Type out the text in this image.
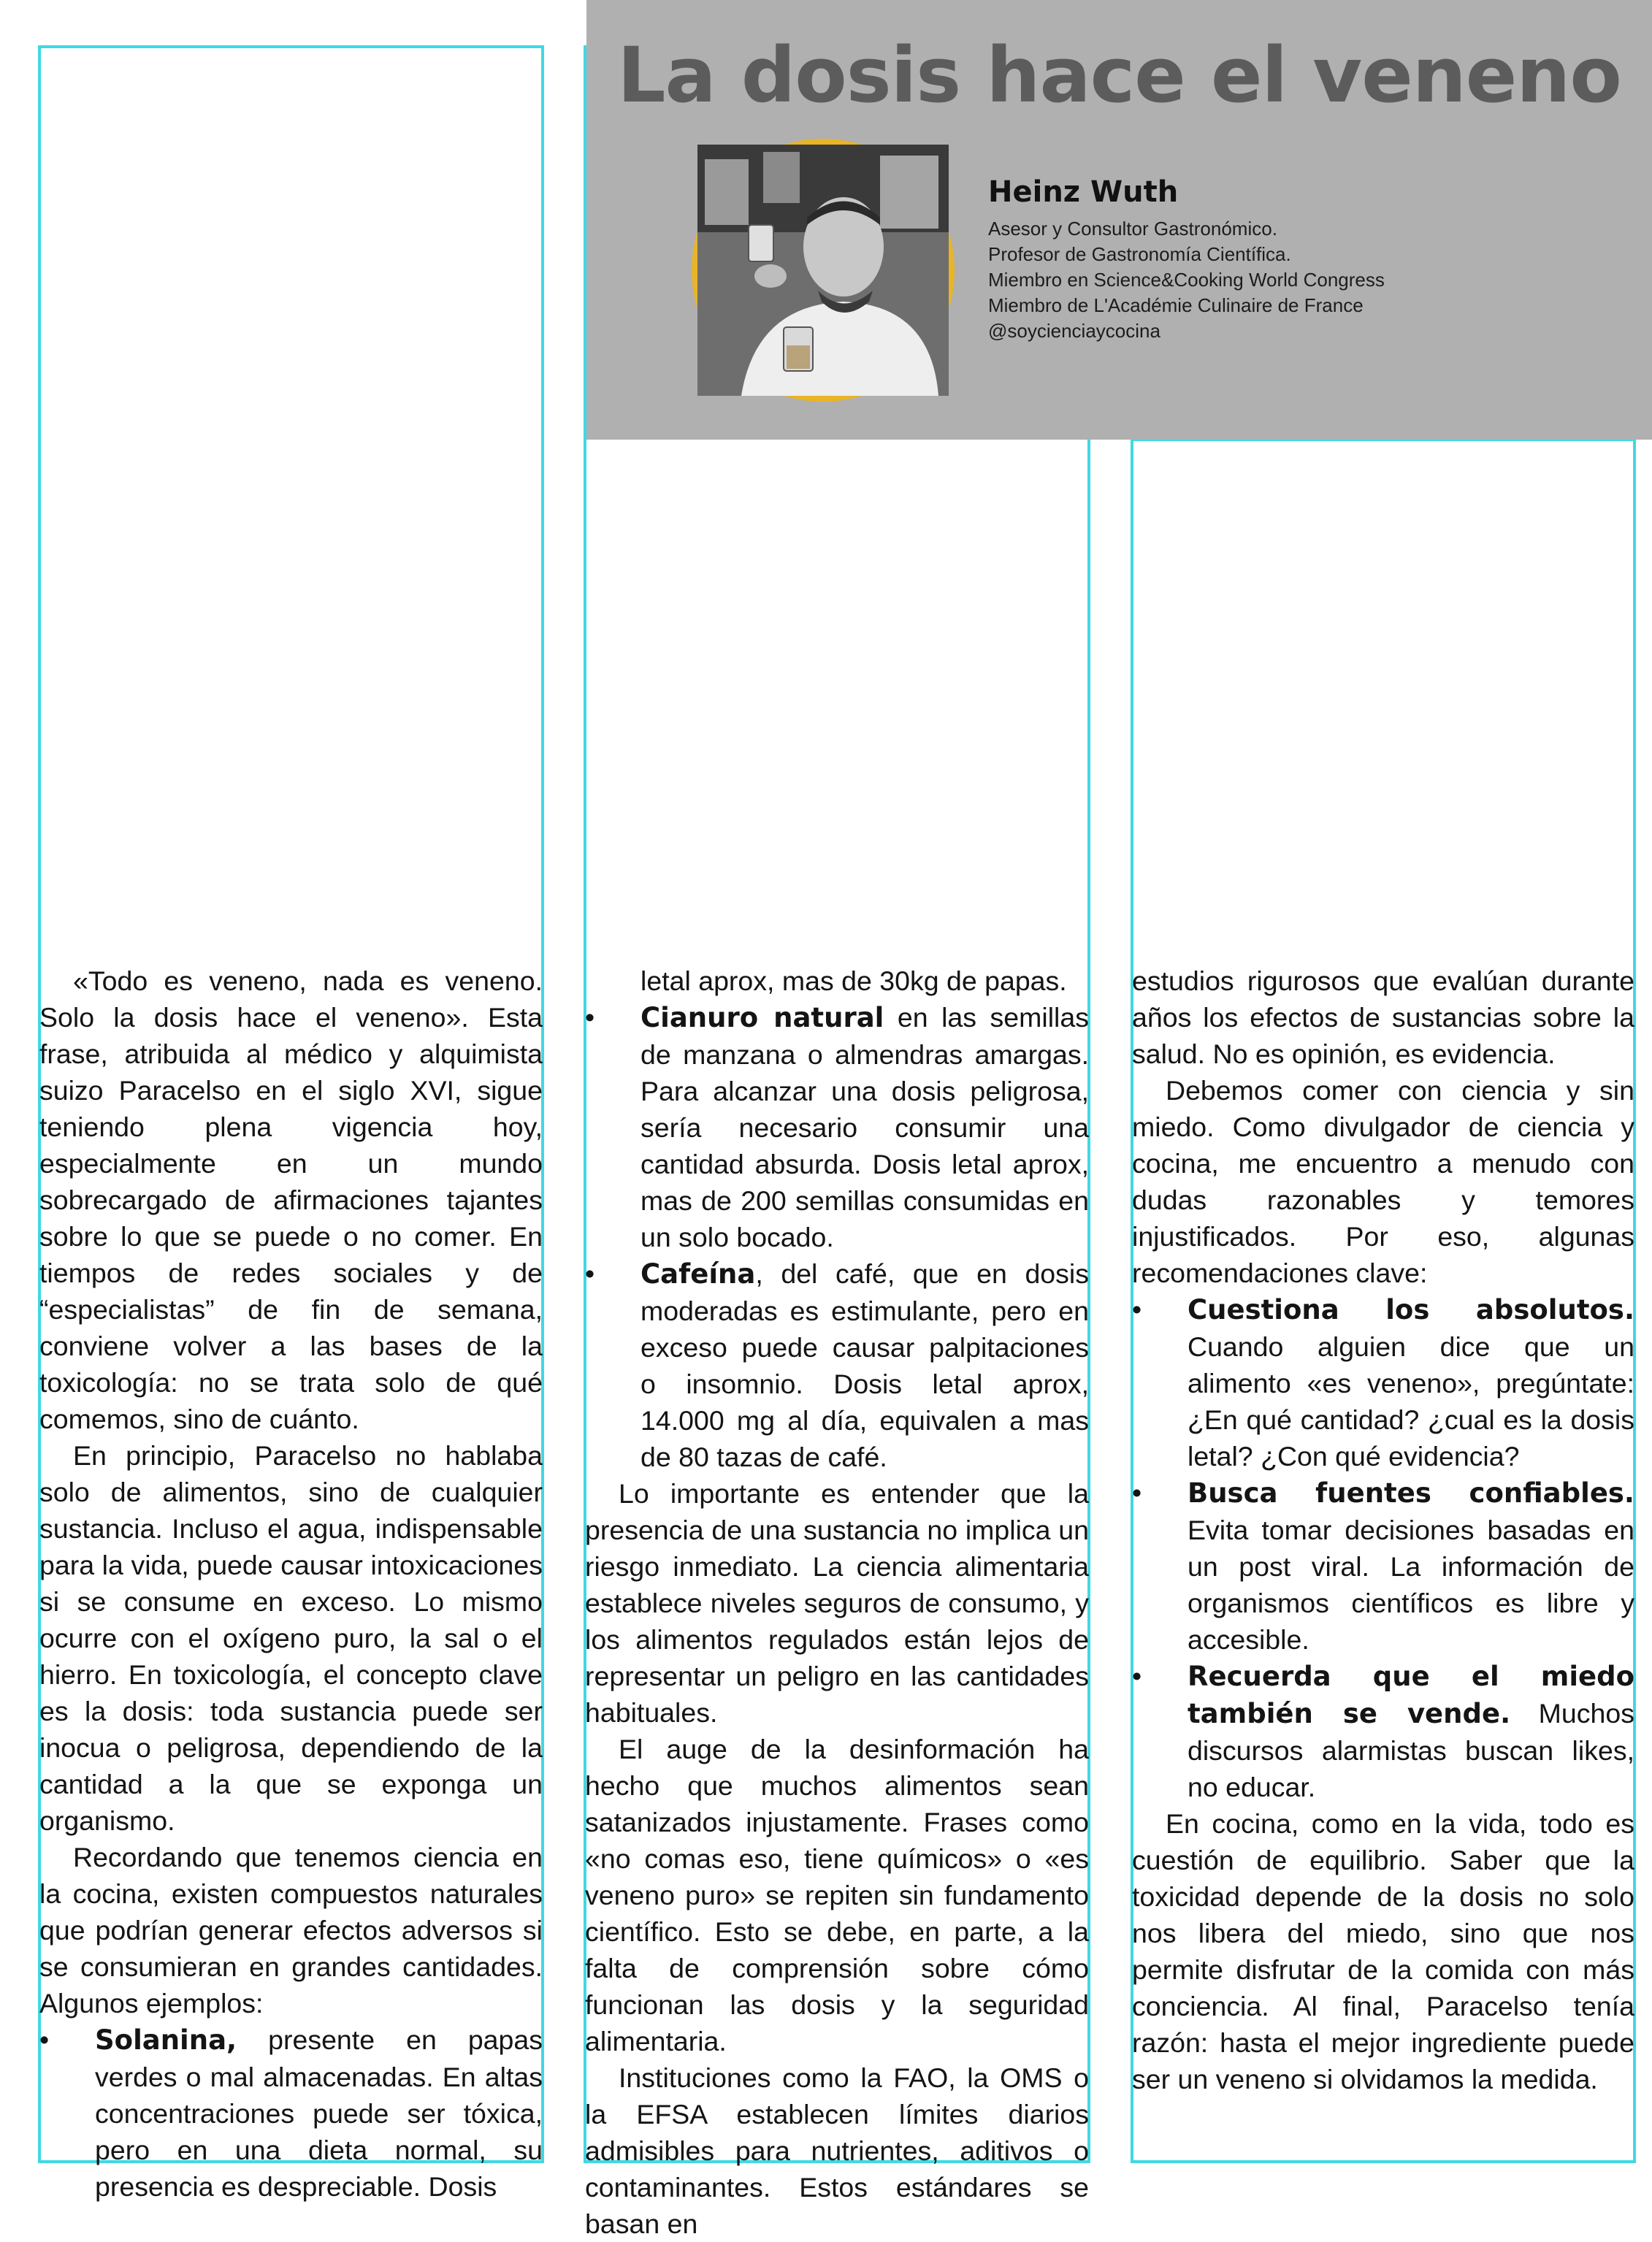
La dosis hace el veneno
Heinz Wuth
Asesor y Consultor Gastronómico.
Profesor de Gastronomía Científica.
Miembro en Science&Cooking World Congress
Miembro de L'Académie Culinaire de France
@soycienciaycocina

«Todo es veneno, nada es veneno. Solo la dosis hace el veneno». Esta frase, atribuida al médico y alquimista suizo Paracelso en el siglo XVI, sigue teniendo plena vigencia hoy, especialmente en un mundo sobrecargado de afirmaciones tajantes sobre lo que se puede o no comer. En tiempos de redes sociales y de “especialistas” de fin de semana, conviene volver a las bases de la toxicología: no se trata solo de qué comemos, sino de cuánto.

En principio, Paracelso no hablaba solo de alimentos, sino de cualquier sustancia. Incluso el agua, indispensable para la vida, puede causar intoxicaciones si se consume en exceso. Lo mismo ocurre con el oxígeno puro, la sal o el hierro. En toxicología, el concepto clave es la dosis: toda sustancia puede ser inocua o peligrosa, dependiendo de la cantidad a la que se exponga un organismo.

Recordando que tenemos ciencia en la cocina, existen compuestos naturales que podrían generar efectos adversos si se consumieran en grandes cantidades. Algunos ejemplos:

• Solanina, presente en papas verdes o mal almacenadas. En altas concentraciones puede ser tóxica, pero en una dieta normal, su presencia es despreciable. Dosis
letal aprox, mas de 30kg de papas.
• Cianuro natural en las semillas de manzana o almendras amargas. Para alcanzar una dosis peligrosa, sería necesario consumir una cantidad absurda. Dosis letal aprox, mas de 200 semillas consumidas en un solo bocado.
• Cafeína, del café, que en dosis moderadas es estimulante, pero en exceso puede causar palpitaciones o insomnio. Dosis letal aprox, 14.000 mg al día, equivalen a mas de 80 tazas de café.

Lo importante es entender que la presencia de una sustancia no implica un riesgo inmediato. La ciencia alimentaria establece niveles seguros de consumo, y los alimentos regulados están lejos de representar un peligro en las cantidades habituales.

El auge de la desinformación ha hecho que muchos alimentos sean satanizados injustamente. Frases como «no comas eso, tiene químicos» o «es veneno puro» se repiten sin fundamento científico. Esto se debe, en parte, a la falta de comprensión sobre cómo funcionan las dosis y la seguridad alimentaria.

Instituciones como la FAO, la OMS o la EFSA establecen límites diarios admisibles para nutrientes, aditivos o contaminantes. Estos estándares se basan en

estudios rigurosos que evalúan durante años los efectos de sustancias sobre la salud. No es opinión, es evidencia.

Debemos comer con ciencia y sin miedo. Como divulgador de ciencia y cocina, me encuentro a menudo con dudas razonables y temores injustificados. Por eso, algunas recomendaciones clave:

• Cuestiona los absolutos. Cuando alguien dice que un alimento «es veneno», pregúntate: ¿En qué cantidad? ¿cual es la dosis letal? ¿Con qué evidencia?
• Busca fuentes confiables. Evita tomar decisiones basadas en un post viral. La información de organismos científicos es libre y accesible.
• Recuerda que el miedo también se vende. Muchos discursos alarmistas buscan likes, no educar.

En cocina, como en la vida, todo es cuestión de equilibrio. Saber que la toxicidad depende de la dosis no solo nos libera del miedo, sino que nos permite disfrutar de la comida con más conciencia. Al final, Paracelso tenía razón: hasta el mejor ingrediente puede ser un veneno si olvidamos la medida.
